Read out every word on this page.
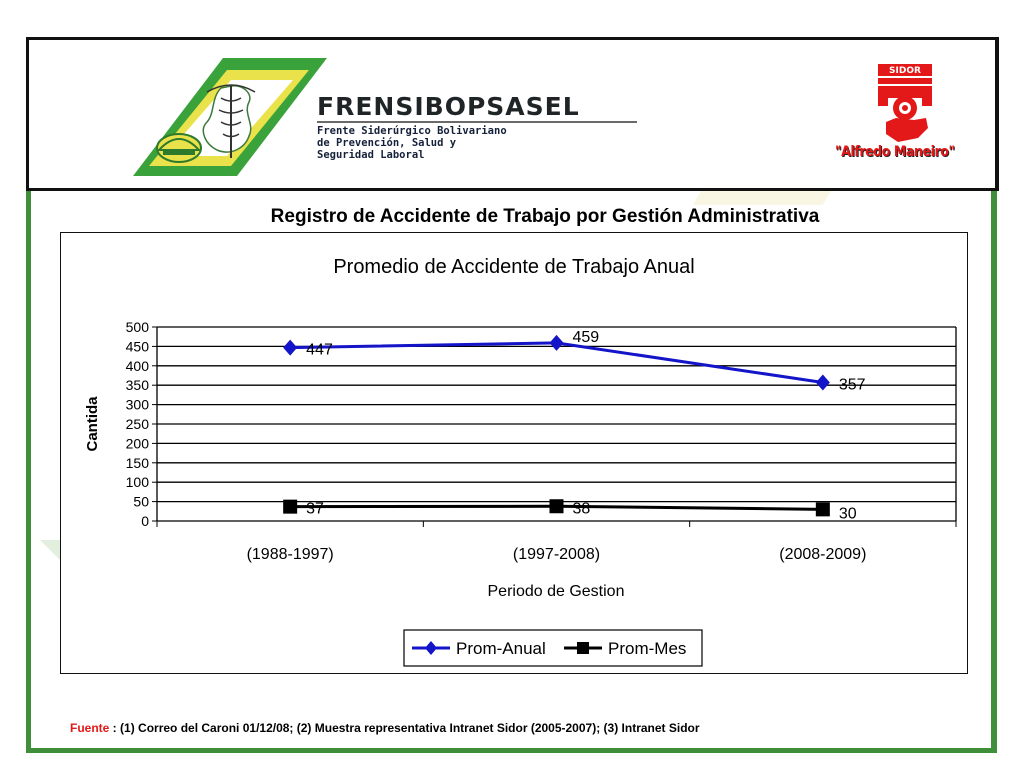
FRENSIBOPSASEL
Frente Siderúrgico Bolivariano
de Prevención, Salud y
Seguridad Laboral
SIDOR
"Alfredo Maneiro"
Registro de Accidente de Trabajo por Gestión Administrativa
Promedio de Accidente de Trabajo Anual
Cantida
Periodo de Gestion
0
50
100
150
200
250
300
350
400
450
500
(1988-1997)	(1997-2008)	(2008-2009)
447
459
357
37	38	30
Prom-Anual	Prom-Mes
Fuente : (1) Correo del Caroni 01/12/08; (2) Muestra representativa Intranet Sidor (2005-2007); (3) Intranet Sidor
